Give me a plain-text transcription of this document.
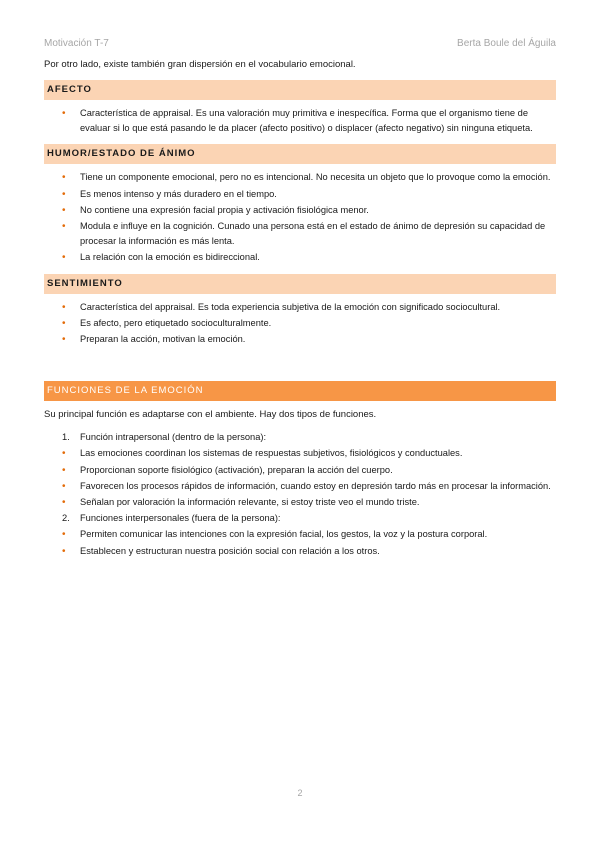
Motivación T-7	Berta Boule del Águila

Por otro lado, existe también gran dispersión en el vocabulario emocional.

AFECTO
• Característica de appraisal. Es una valoración muy primitiva e inespecífica. Forma que el organismo tiene de evaluar si lo que está pasando le da placer (afecto positivo) o displacer (afecto negativo) sin ninguna etiqueta.
HUMOR/ESTADO DE ÁNIMO
• Tiene un componente emocional, pero no es intencional. No necesita un objeto que lo provoque como la emoción.
• Es menos intenso y más duradero en el tiempo.
• No contiene una expresión facial propia y activación fisiológica menor.
• Modula e influye en la cognición. Cunado una persona está en el estado de ánimo de depresión su capacidad de procesar la información es más lenta.
• La relación con la emoción es bidireccional.
SENTIMIENTO
• Característica del appraisal. Es toda experiencia subjetiva de la emoción con significado sociocultural.
• Es afecto, pero etiquetado socioculturalmente.
• Preparan la acción, motivan la emoción.
FUNCIONES DE LA EMOCIÓN

Su principal función es adaptarse con el ambiente. Hay dos tipos de funciones.

1. Función intrapersonal (dentro de la persona):
• Las emociones coordinan los sistemas de respuestas subjetivos, fisiológicos y conductuales.
• Proporcionan soporte fisiológico (activación), preparan la acción del cuerpo.
• Favorecen los procesos rápidos de información, cuando estoy en depresión tardo más en procesar la información.
• Señalan por valoración la información relevante, si estoy triste veo el mundo triste.
2. Funciones interpersonales (fuera de la persona):
• Permiten comunicar las intenciones con la expresión facial, los gestos, la voz y la postura corporal.
• Establecen y estructuran nuestra posición social con relación a los otros.
2
